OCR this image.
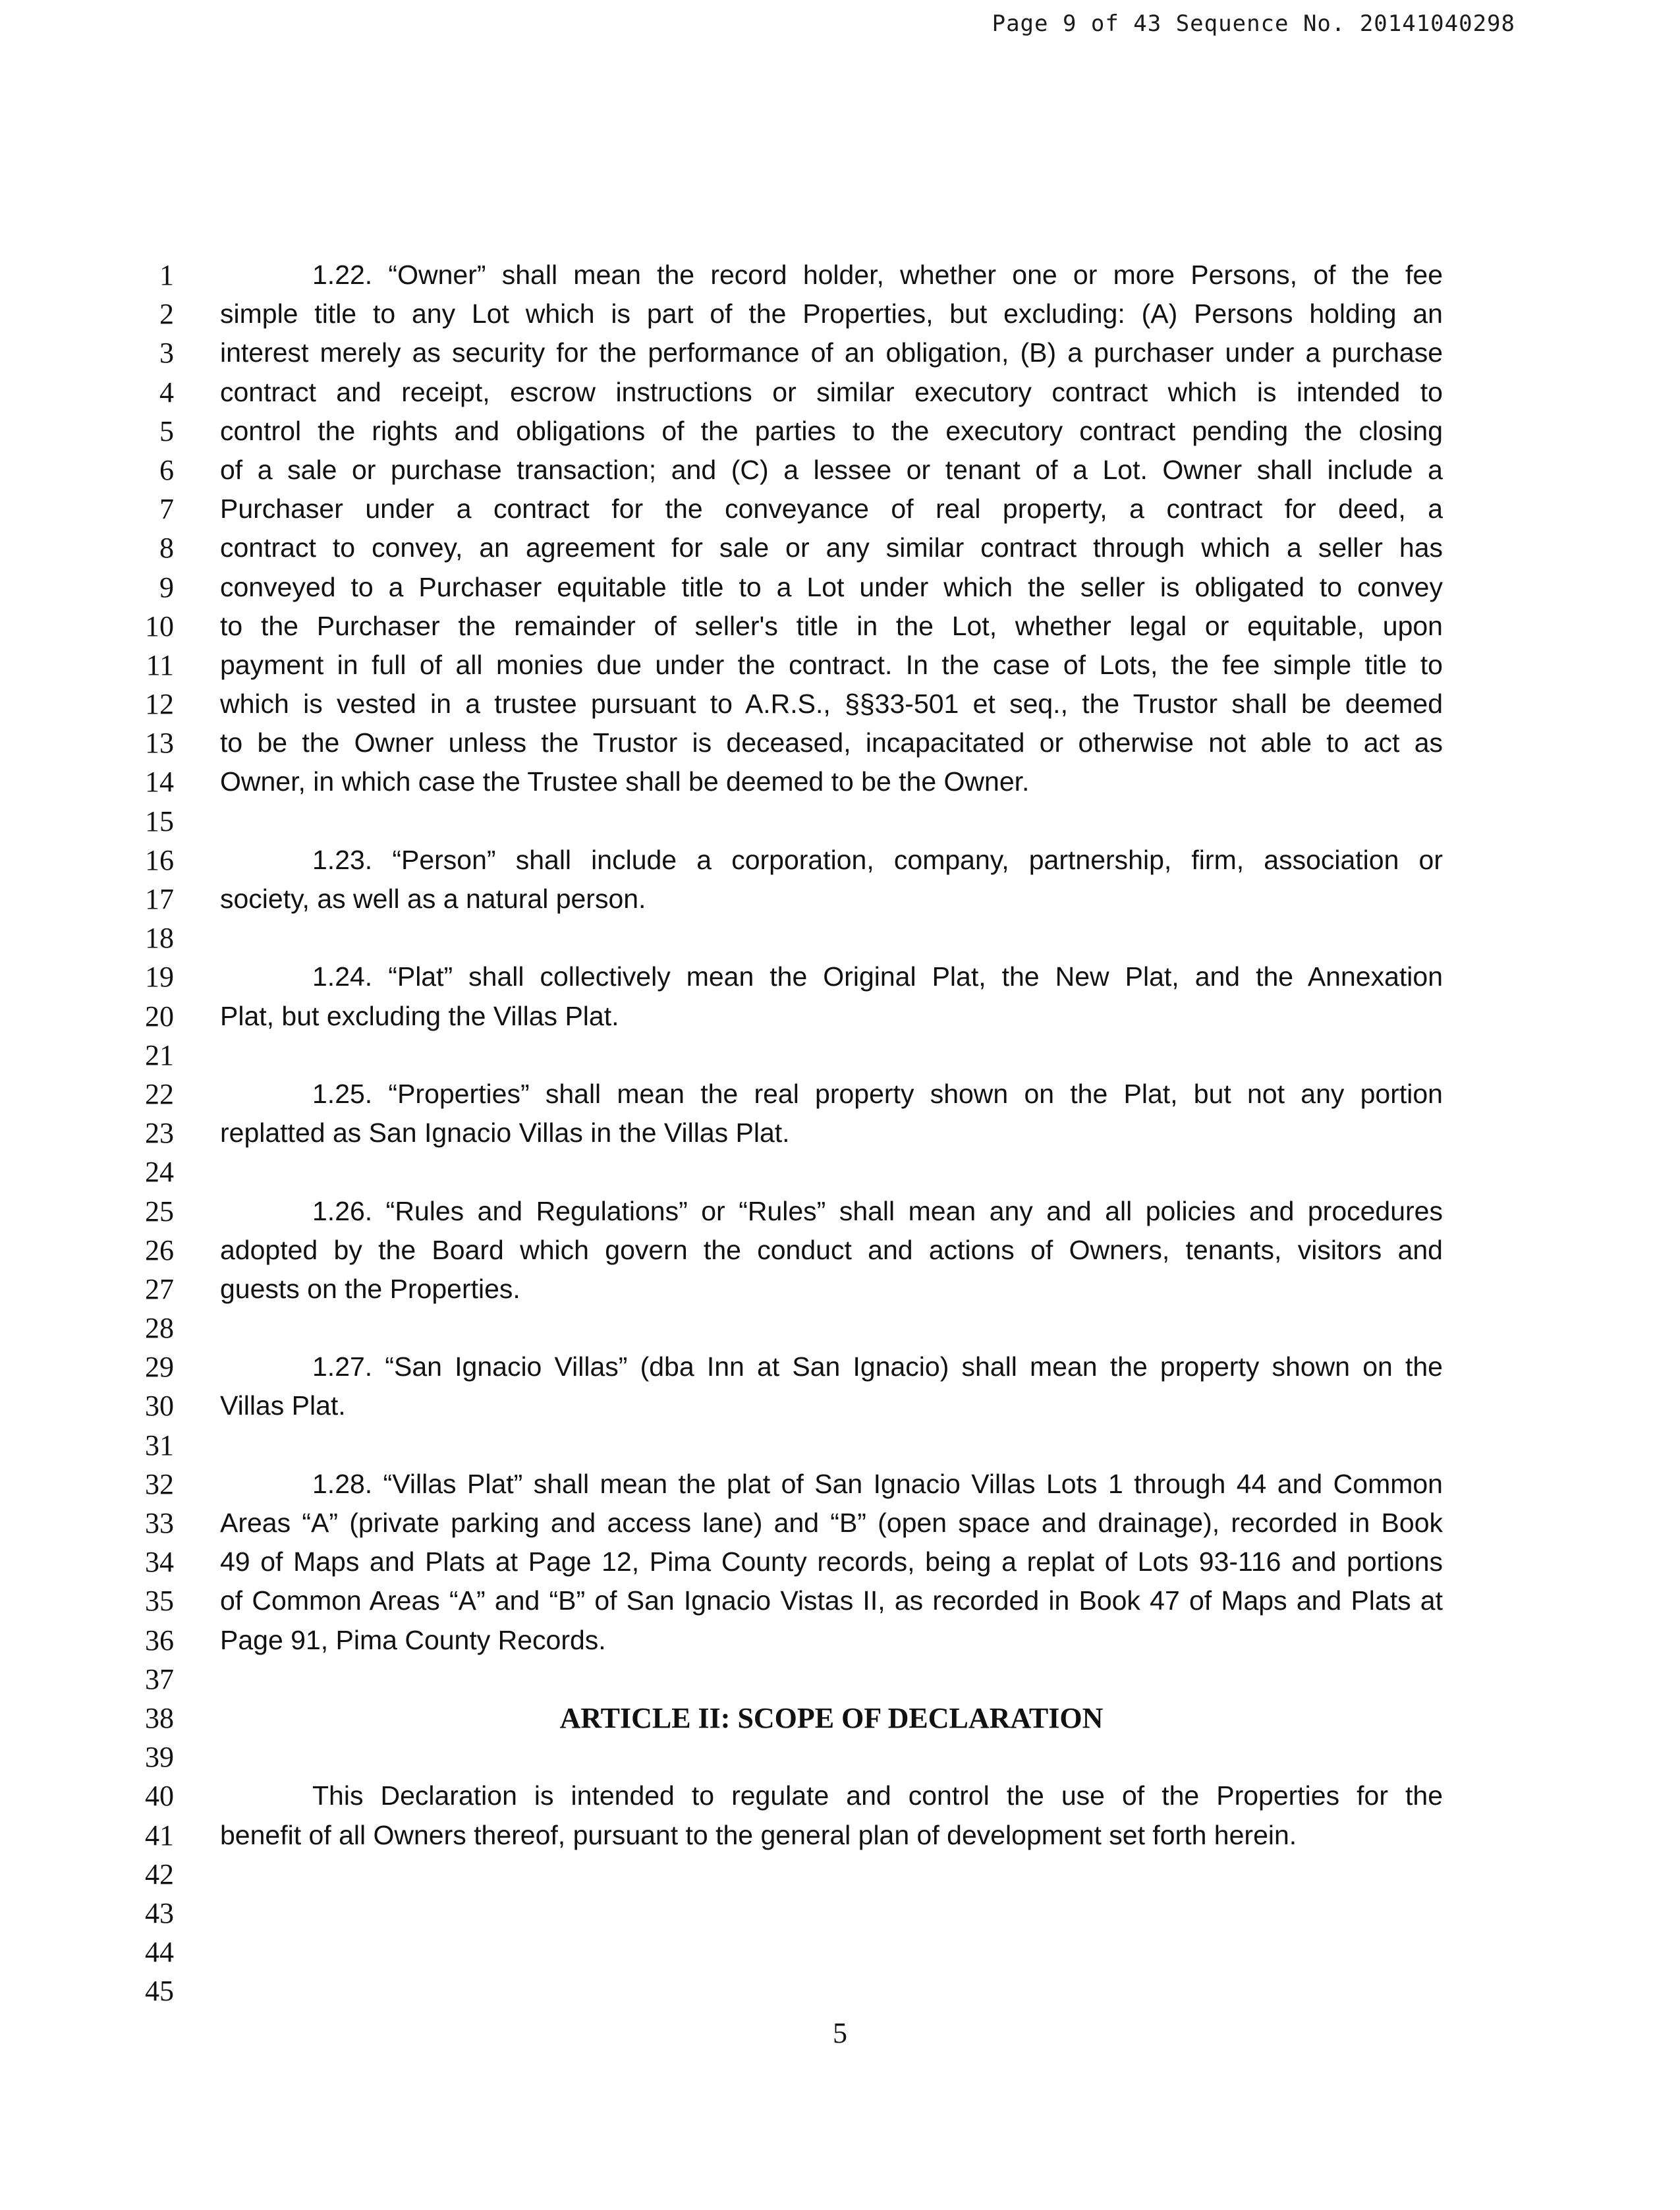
Page 9 of 43 Sequence No. 20141040298
1
2
3
4
5
6
7
8
9
10
11
12
13
14
15
16
17
18
19
20
21
22
23
24
25
26
27
28
29
30
31
32
33
34
35
36
37
38
39
40
41
42
43
44
45
1.22. “Owner” shall mean the record holder, whether one or more Persons, of the fee
simple title to any Lot which is part of the Properties, but excluding: (A) Persons holding an
interest merely as security for the performance of an obligation, (B) a purchaser under a purchase
contract and receipt, escrow instructions or similar executory contract which is intended to
control the rights and obligations of the parties to the executory contract pending the closing
of a sale or purchase transaction; and (C) a lessee or tenant of a Lot. Owner shall include a
Purchaser under a contract for the conveyance of real property, a contract for deed, a
contract to convey, an agreement for sale or any similar contract through which a seller has
conveyed to a Purchaser equitable title to a Lot under which the seller is obligated to convey
to the Purchaser the remainder of seller's title in the Lot, whether legal or equitable, upon
payment in full of all monies due under the contract. In the case of Lots, the fee simple title to
which is vested in a trustee pursuant to A.R.S., §§33-501 et seq., the Trustor shall be deemed
to be the Owner unless the Trustor is deceased, incapacitated or otherwise not able to act as
Owner, in which case the Trustee shall be deemed to be the Owner.
1.23. “Person” shall include a corporation, company, partnership, firm, association or
society, as well as a natural person.
1.24. “Plat” shall collectively mean the Original Plat, the New Plat, and the Annexation
Plat, but excluding the Villas Plat.
1.25. “Properties” shall mean the real property shown on the Plat, but not any portion
replatted as San Ignacio Villas in the Villas Plat.
1.26. “Rules and Regulations” or “Rules” shall mean any and all policies and procedures
adopted by the Board which govern the conduct and actions of Owners, tenants, visitors and
guests on the Properties.
1.27. “San Ignacio Villas” (dba Inn at San Ignacio) shall mean the property shown on the
Villas Plat.
1.28. “Villas Plat” shall mean the plat of San Ignacio Villas Lots 1 through 44 and Common
Areas “A” (private parking and access lane) and “B” (open space and drainage), recorded in Book
49 of Maps and Plats at Page 12, Pima County records, being a replat of Lots 93-116 and portions
of Common Areas “A” and “B” of San Ignacio Vistas II, as recorded in Book 47 of Maps and Plats at
Page 91, Pima County Records.
ARTICLE II: SCOPE OF DECLARATION
This Declaration is intended to regulate and control the use of the Properties for the
benefit of all Owners thereof, pursuant to the general plan of development set forth herein.
5
